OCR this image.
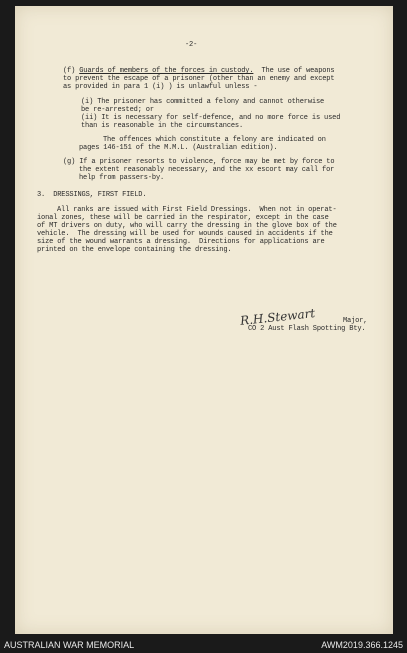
-2-
(f) Guards of members of the forces in custody.  The use of weapons
to prevent the escape of a prisoner (other than an enemy and except
as provided in para 1 (i) ) is unlawful unless -
(i) The prisoner has committed a felony and cannot otherwise
be re-arrested; or
(ii) It is necessary for self-defence, and no more force is used
than is reasonable in the circumstances.
The offences which constitute a felony are indicated on
pages 146-151 of the M.M.L. (Australian edition).
(g) If a prisoner resorts to violence, force may be met by force to
the extent reasonably necessary, and the xx escort may call for
help from passers-by.
3.  DRESSINGS, FIRST FIELD.
All ranks are issued with First Field Dressings.  When not in operat-
ional zones, these will be carried in the respirator, except in the case
of MT drivers on duty, who will carry the dressing in the glove box of the
vehicle.  The dressing will be used for wounds caused in accidents if the
size of the wound warrants a dressing.  Directions for applications are
printed on the envelope containing the dressing.
R.H.Stewart	Major,
CO 2 Aust Flash Spotting Bty.
AUSTRALIAN WAR MEMORIAL	AWM2019.366.1245
